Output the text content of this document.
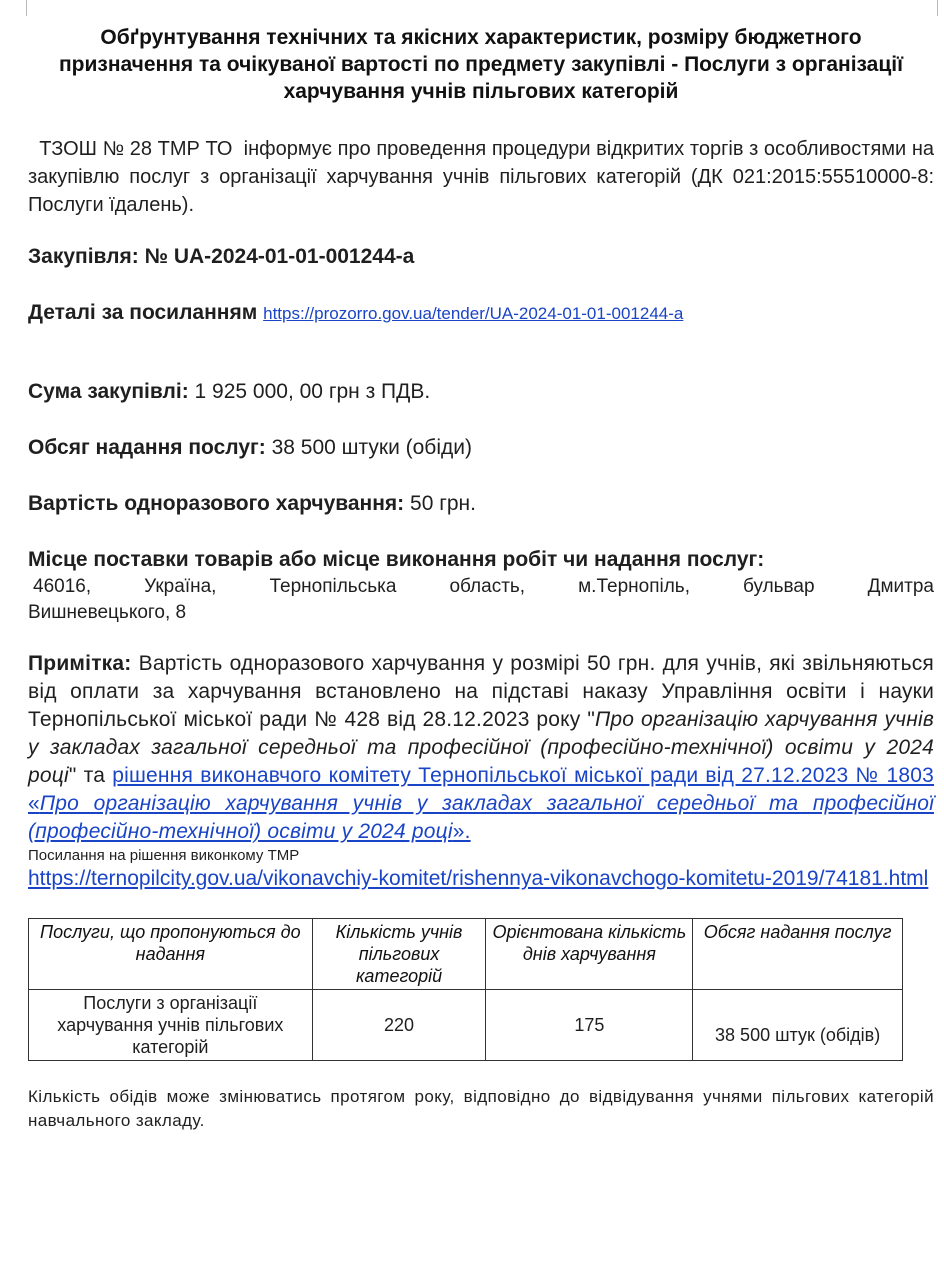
Обґрунтування технічних та якісних характеристик, розміру бюджетного призначення та очікуваної вартості по предмету закупівлі - Послуги з організації харчування учнів пільгових категорій

ТЗОШ № 28 ТМР ТО  інформує про проведення процедури відкритих торгів з особливостями на закупівлю послуг з організації харчування учнів пільгових категорій (ДК 021:2015:55510000-8: Послуги їдалень).

Закупівля: № UA-2024-01-01-001244-a

Деталі за посиланням https://prozorro.gov.ua/tender/UA-2024-01-01-001244-a

Сума закупівлі: 1 925 000, 00 грн з ПДВ.

Обсяг надання послуг: 38 500 штуки (обіди)

Вартість одноразового харчування: 50 грн.

Місце поставки товарів або місце виконання робіт чи надання послуг:

46016, Україна, Тернопільська область, м.Тернопіль, бульвар Дмитра
Вишневецького, 8

Примітка: Вартість одноразового харчування у розмірі 50 грн. для учнів, які звільняються від оплати за харчування встановлено на підставі наказу Управління освіти і науки Тернопільської міської ради № 428 від 28.12.2023 року "Про організацію харчування учнів у закладах загальної середньої та професійної (професійно-технічної) освіти у 2024 році" та рішення виконавчого комітету Тернопільської міської ради від 27.12.2023 № 1803 «Про організацію харчування учнів у закладах загальної середньої та професійної (професійно-технічної) освіти у 2024 році».

Посилання на рішення виконкому ТМР

https://ternopilcity.gov.ua/vikonavchiy-komitet/rishennya-vikonavchogo-komitetu-2019/74181.html

Послуги, що пропонуються до надання	Кількість учнів пільгових категорій	Орієнтована кількість днів харчування	Обсяг надання послуг
Послуги з організації харчування учнів пільгових категорій	220	175	38 500 штук (обідів)

Кількість обідів може змінюватись протягом року, відповідно до відвідування учнями пільгових категорій навчального закладу.
